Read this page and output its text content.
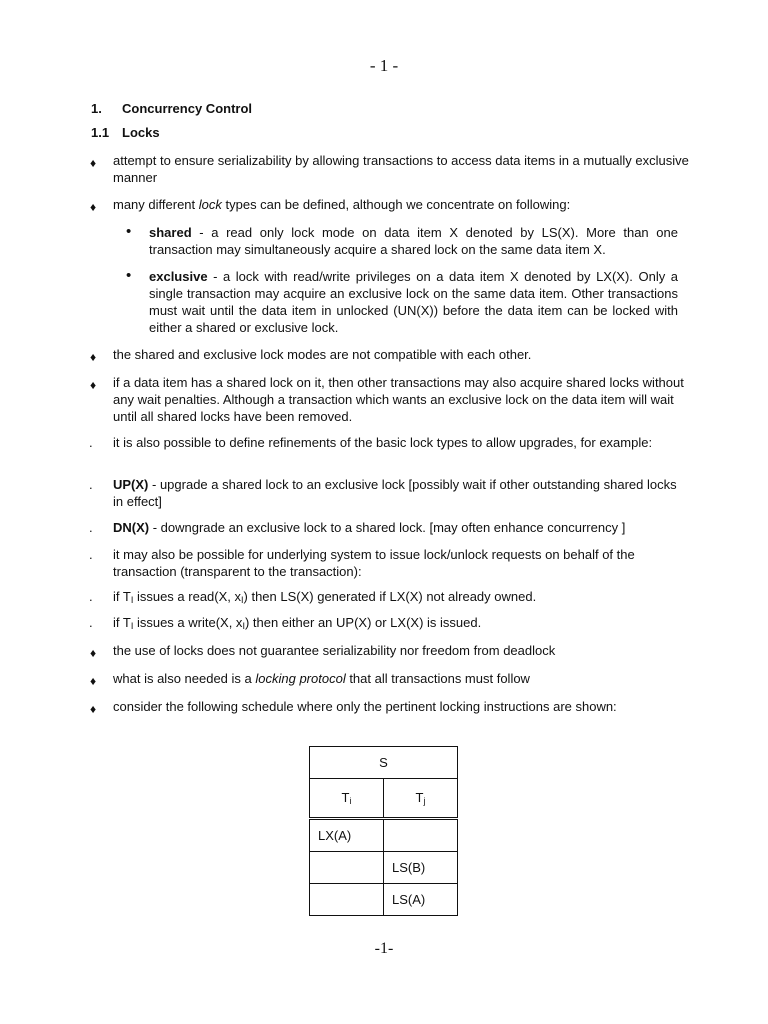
- 1 -
1. Concurrency Control
1.1 Locks
♦	attempt to ensure serializability by allowing transactions to access data items in a mutually exclusive manner
♦	many different lock types can be defined, although we concentrate on following:
• shared - a read only lock mode on data item X denoted by LS(X). More than one transaction may simultaneously acquire a shared lock on the same data item X.
• exclusive - a lock with read/write privileges on a data item X denoted by LX(X). Only a single transaction may acquire an exclusive lock on the same data item. Other transactions must wait until the data item in unlocked (UN(X)) before the data item can be locked with either a shared or exclusive lock.
♦	the shared and exclusive lock modes are not compatible with each other.
♦	if a data item has a shared lock on it, then other transactions may also acquire shared locks without any wait penalties. Although a transaction which wants an exclusive lock on the data item will wait until all shared locks have been removed.
.	it is also possible to define refinements of the basic lock types to allow upgrades, for example:
.	UP(X) - upgrade a shared lock to an exclusive lock [possibly wait if other outstanding shared locks in effect]
.	DN(X) - downgrade an exclusive lock to a shared lock. [may often enhance concurrency ]
.	it may also be possible for underlying system to issue lock/unlock requests on behalf of the transaction (transparent to the transaction):
.	if $T_I$ issues a read(X, $x_I$) then LS(X) generated if LX(X) not already owned.
.	if $T_I$ issues a write(X, $x_I$) then either an UP(X) or LX(X) is issued.
♦	the use of locks does not guarantee serializability nor freedom from deadlock
♦	what is also needed is a locking protocol that all transactions must follow
♦	consider the following schedule where only the pertinent locking instructions are shown:
S	
$T_i$	$T_j$
LX(A)	
	LS(B)
	LS(A)
-1-
